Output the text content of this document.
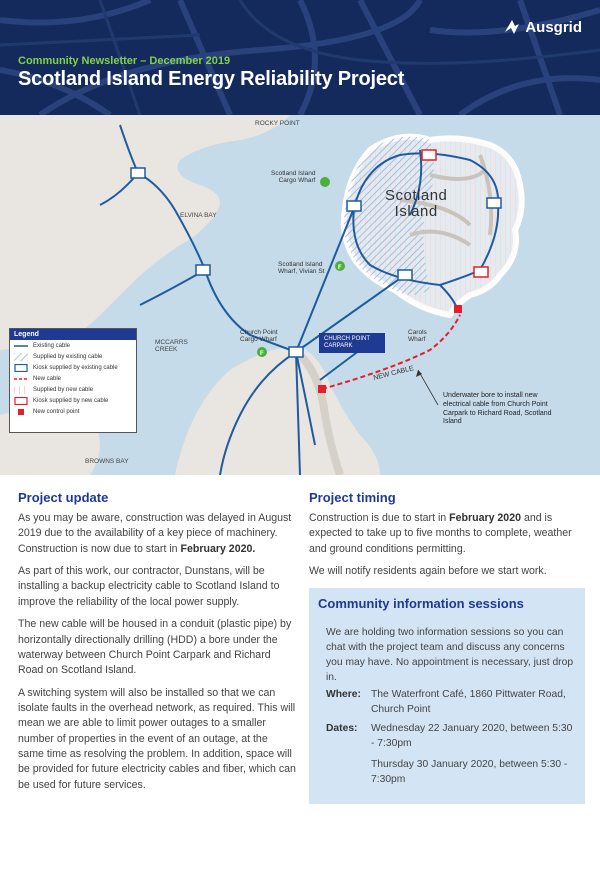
Ausgrid
Community Newsletter – December 2019
Scotland Island Energy Reliability Project
F
F
ROCKY POINT
Scotland Island
Cargo Wharf
ELVINA BAY
Scotland Island
Wharf, Vivian St
Church Point
Cargo Wharf
MCCARRS
CREEK
Carols
Wharf
BROWNS BAY
Scotland
Island
CHURCH POINT
CARPARK
NEW CABLE
Underwater bore to install new electrical cable from Church Point Carpark to Richard Road, Scotland Island
Legend
Existing cable
Supplied by existing cable
Kiosk supplied by existing cable
New cable
Supplied by new cable
Kiosk supplied by new cable
New control point
Project update

As you may be aware, construction was delayed in August 2019 due to the availability of a key piece of machinery. Construction is now due to start in February 2020.

As part of this work, our contractor, Dunstans, will be installing a backup electricity cable to Scotland Island to improve the reliability of the local power supply.

The new cable will be housed in a conduit (plastic pipe) by horizontally directionally drilling (HDD) a bore under the waterway between Church Point Carpark and Richard Road on Scotland Island.

A switching system will also be installed so that we can isolate faults in the overhead network, as required. This will mean we are able to limit power outages to a smaller number of properties in the event of an outage, at the same time as resolving the problem. In addition, space will be provided for future electricity cables and fiber, which can be used for future services.

Project timing

Construction is due to start in February 2020 and is expected to take up to five months to complete, weather and ground conditions permitting.

We will notify residents again before we start work.

Community information sessions
We are holding two information sessions so you can chat with the project team and discuss any concerns you may have. No appointment is necessary, just drop in.
Where: The Waterfront Café, 1860 Pittwater Road, Church Point
Dates:	Wednesday 22 January 2020, between 5:30 - 7:30pm
Thursday 30 January 2020, between 5:30 - 7:30pm
